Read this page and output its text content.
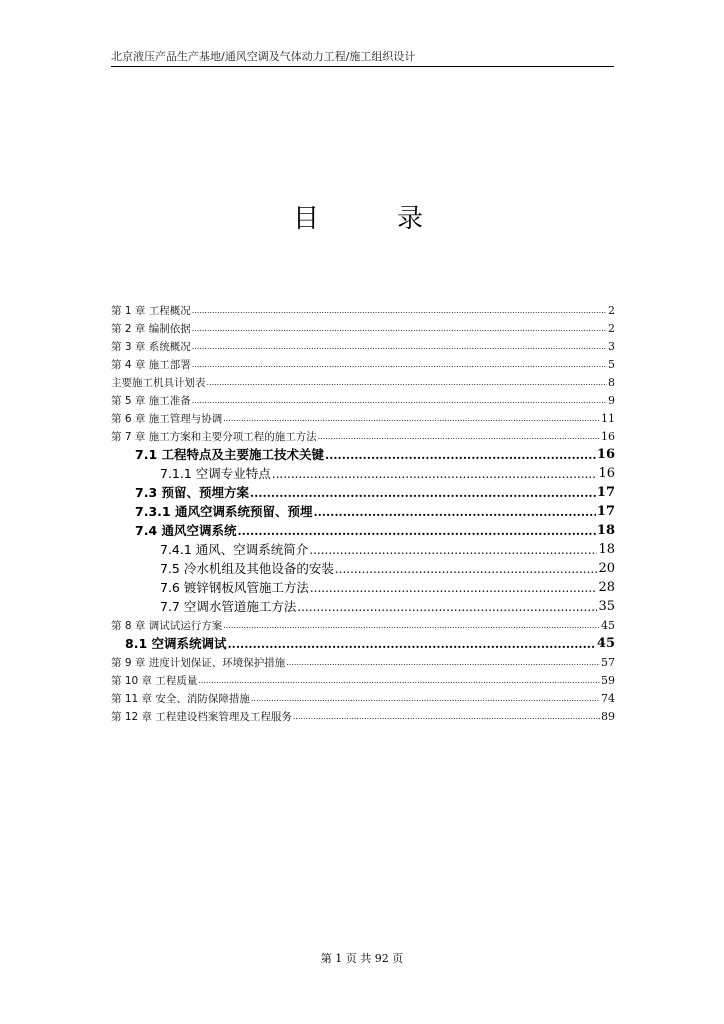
北京液压产品生产基地/通风空调及气体动力工程/施工组织设计
目	录
第 1 章 工程概况 .....	2
第 2 章 编制依据 .....	2
第 3 章 系统概况 .....	3
第 4 章 施工部署 .....	5
主要施工机具计划表 .....	8
第 5 章 施工准备 .....	9
第 6 章 施工管理与协调 .....	11
第 7 章 施工方案和主要分项工程的施工方法 .....	16
7.1 工程特点及主要施工技术关键 .....	16
7.1.1 空调专业特点 .....	16
7.3 预留、预埋方案 .....	17
7.3.1 通风空调系统预留、预埋 .....	17
7.4 通风空调系统 .....	18
7.4.1 通风、空调系统简介 .....	18
7.5 冷水机组及其他设备的安装 .....	20
7.6 镀锌钢板风管施工方法 .....	28
7.7 空调水管道施工方法 .....	35
第 8 章 调试试运行方案 .....	45
8.1 空调系统调试 .....	45
第 9 章 进度计划保证、环境保护措施 .....	57
第 10 章 工程质量 .....	59
第 11 章 安全、消防保障措施 .....	74
第 12 章 工程建设档案管理及工程服务 .....	89
第 1 页 共 92 页
